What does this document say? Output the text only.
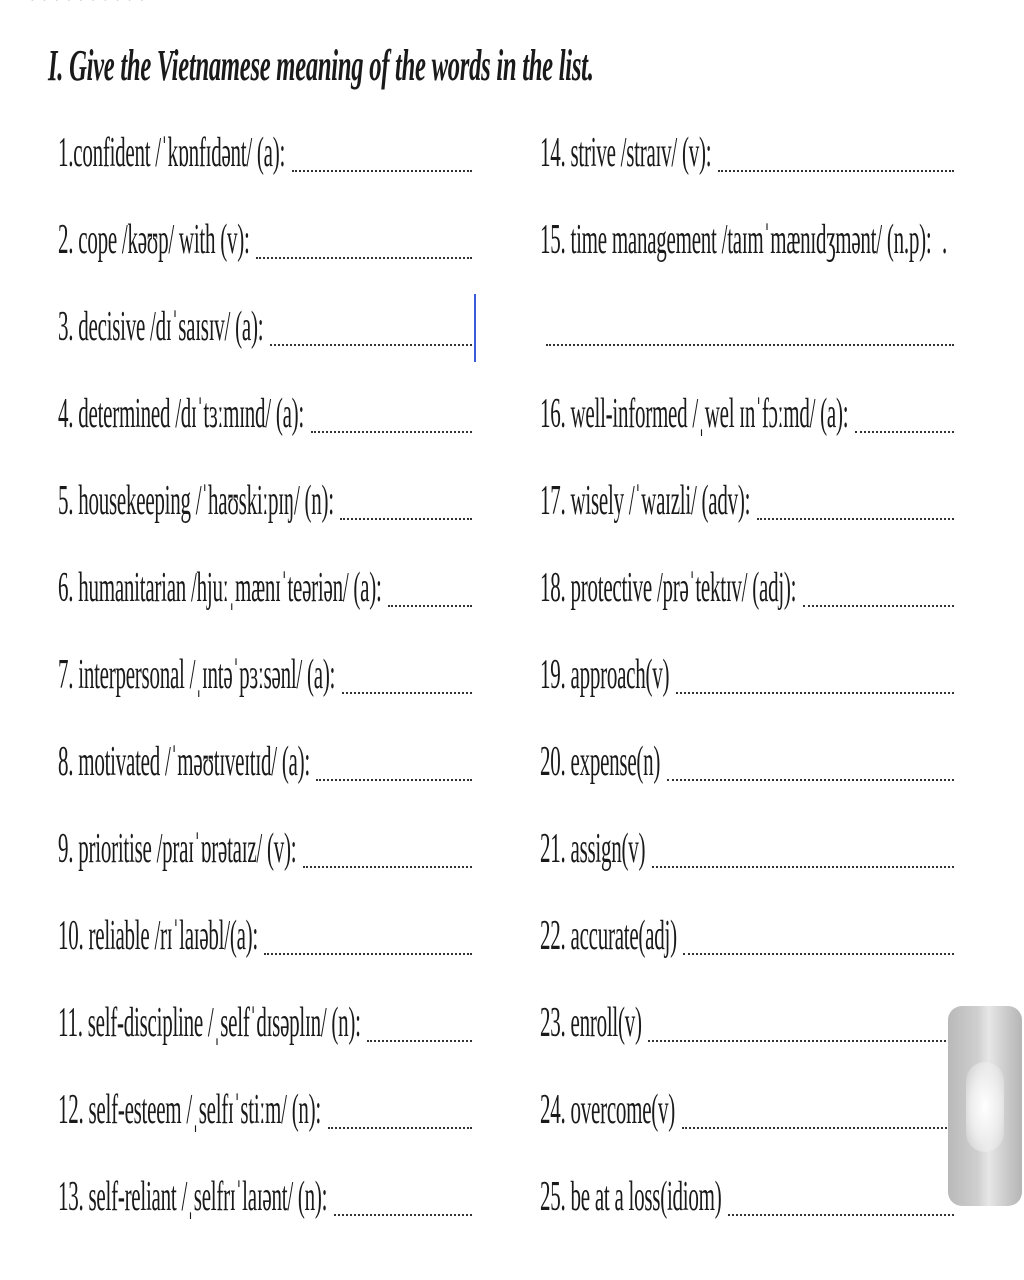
· · · · · · · · · ·
I. Give the Vietnamese meaning of the words in the list.
1.confident /ˈkɒnfɪdənt/ (a):
2. cope /kəʊp/ with (v):
3. decisive /dɪˈsaɪsɪv/ (a):
4. determined /dɪˈtɜːmɪnd/ (a):
5. housekeeping /ˈhaʊskiːpɪŋ/ (n):
6. humanitarian /hjuːˌmænɪˈteəriən/ (a):
7. interpersonal /ˌɪntəˈpɜːsənl/ (a):
8. motivated /ˈməʊtɪveɪtɪd/ (a):
9. prioritise /praɪˈɒrətaɪz/ (v):
10. reliable /rɪˈlaɪəbl/(a):
11. self-discipline /ˌselfˈdɪsəplɪn/ (n):
12. self-esteem /ˌselfɪˈstiːm/ (n):
13. self-reliant /ˌselfrɪˈlaɪənt/ (n):
14. strive /straɪv/ (v):
15. time management /taɪmˈmænɪdʒmənt/ (n.p): .
16. well-informed /ˌwel ɪnˈfɔːmd/ (a):
17. wisely /ˈwaɪzli/ (adv):
18. protective /prəˈtektɪv/ (adj):
19. approach(v)
20. expense(n)
21. assign(v)
22. accurate(adj)
23. enroll(v)
24. overcome(v)
25. be at a loss(idiom)
